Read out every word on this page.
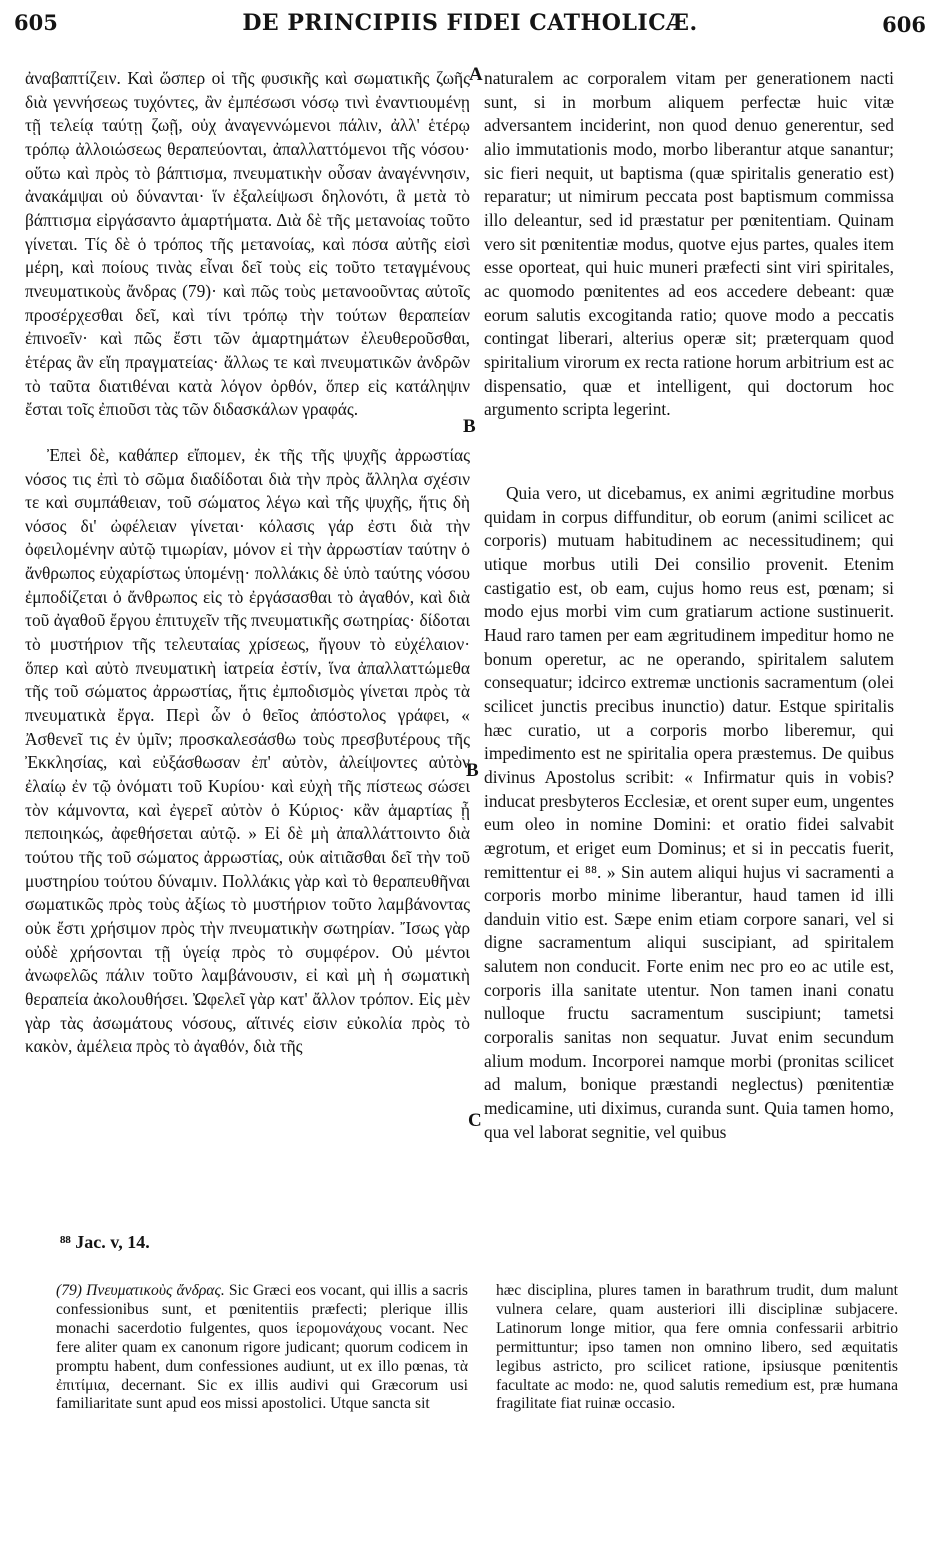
605	DE PRINCIPIIS FIDEI CATHOLICÆ.	606

ἀναβαπτίζειν. Καὶ ὥσπερ οἱ τῆς φυσικῆς καὶ σωματικῆς ζωῆς διὰ γεννήσεως τυχόντες, ἂν ἐμπέσωσι νόσῳ τινὶ ἐναντιουμένῃ τῇ τελείᾳ ταύτῃ ζωῇ, οὐχ ἀναγεννώμενοι πάλιν, ἀλλ' ἑτέρῳ τρόπῳ ἀλλοιώσεως θεραπεύονται, ἀπαλλαττόμενοι τῆς νόσου· οὕτω καὶ πρὸς τὸ βάπτισμα, πνευματικὴν οὖσαν ἀναγέννησιν, ἀνακάμψαι οὐ δύνανται· ἵν ἐξαλείψωσι δηλονότι, ἃ μετὰ τὸ βάπτισμα εἰργάσαντο ἁμαρτήματα. Διὰ δὲ τῆς μετανοίας τοῦτο γίνεται. Τίς δὲ ὁ τρόπος τῆς μετανοίας, καὶ πόσα αὐτῆς εἰσὶ μέρη, καὶ ποίους τινὰς εἶναι δεῖ τοὺς εἰς τοῦτο τεταγμένους πνευματικοὺς ἄνδρας (79)· καὶ πῶς τοὺς μετανοοῦντας αὐτοῖς προσέρχεσθαι δεῖ, καὶ τίνι τρόπῳ τὴν τούτων θεραπείαν ἐπινοεῖν· καὶ πῶς ἔστι τῶν ἁμαρτημάτων ἐλευθεροῦσθαι, ἑτέρας ἂν εἴη πραγματείας· ἄλλως τε καὶ πνευματικῶν ἀνδρῶν τὸ ταῦτα διατιθέναι κατὰ λόγον ὀρθόν, ὅπερ εἰς κατάληψιν ἔσται τοῖς ἐπιοῦσι τὰς τῶν διδασκάλων γραφάς.

Ἐπεὶ δὲ, καθάπερ εἴπομεν, ἐκ τῆς τῆς ψυχῆς ἀρρωστίας νόσος τις ἐπὶ τὸ σῶμα διαδίδοται διὰ τὴν πρὸς ἄλληλα σχέσιν τε καὶ συμπάθειαν, τοῦ σώματος λέγω καὶ τῆς ψυχῆς, ἥτις δὴ νόσος δι' ὠφέλειαν γίνεται· κόλασις γάρ ἐστι διὰ τὴν ὀφειλομένην αὐτῷ τιμωρίαν, μόνον εἰ τὴν ἀρρωστίαν ταύτην ὁ ἄνθρωπος εὐχαρίστως ὑπομένῃ· πολλάκις δὲ ὑπὸ ταύτης νόσου ἐμποδίζεται ὁ ἄνθρωπος εἰς τὸ ἐργάσασθαι τὸ ἀγαθόν, καὶ διὰ τοῦ ἀγαθοῦ ἔργου ἐπιτυχεῖν τῆς πνευματικῆς σωτηρίας· δίδοται τὸ μυστήριον τῆς τελευταίας χρίσεως, ἤγουν τὸ εὐχέλαιον· ὅπερ καὶ αὐτὸ πνευματικὴ ἰατρεία ἐστίν, ἵνα ἀπαλλαττώμεθα τῆς τοῦ σώματος ἀρρωστίας, ἥτις ἐμποδισμὸς γίνεται πρὸς τὰ πνευματικὰ ἔργα. Περὶ ὧν ὁ θεῖος ἀπόστολος γράφει, « Ἀσθενεῖ τις ἐν ὑμῖν; προσκαλεσάσθω τοὺς πρεσβυτέρους τῆς Ἐκκλησίας, καὶ εὐξάσθωσαν ἐπ' αὐτὸν, ἀλείψοντες αὐτὸν ἐλαίῳ ἐν τῷ ὀνόματι τοῦ Κυρίου· καὶ εὐχὴ τῆς πίστεως σώσει τὸν κάμνοντα, καὶ ἐγερεῖ αὐτὸν ὁ Κύριος· κἂν ἁμαρτίας ᾖ πεποιηκώς, ἀφεθήσεται αὐτῷ. » Εἰ δὲ μὴ ἀπαλλάττοιντο διὰ τούτου τῆς τοῦ σώματος ἀρρωστίας, οὐκ αἰτιᾶσθαι δεῖ τὴν τοῦ μυστηρίου τούτου δύναμιν. Πολλάκις γὰρ καὶ τὸ θεραπευθῆναι σωματικῶς πρὸς τοὺς ἀξίως τὸ μυστήριον τοῦτο λαμβάνοντας οὐκ ἔστι χρήσιμον πρὸς τὴν πνευματικὴν σωτηρίαν. Ἴσως γὰρ οὐδὲ χρήσονται τῇ ὑγείᾳ πρὸς τὸ συμφέρον. Οὐ μέντοι ἀνωφελῶς πάλιν τοῦτο λαμβάνουσιν, εἰ καὶ μὴ ἡ σωματικὴ θεραπεία ἀκολουθήσει. Ὠφελεῖ γὰρ κατ' ἄλλον τρόπον. Εἰς μὲν γὰρ τὰς ἀσωμάτους νόσους, αἵτινές εἰσιν εὐκολία πρὸς τὸ κακὸν, ἀμέλεια πρὸς τὸ ἀγαθόν, διὰ τῆς

A
B
B
C

naturalem ac corporalem vitam per generationem nacti sunt, si in morbum aliquem perfectæ huic vitæ adversantem inciderint, non quod denuo generentur, sed alio immutationis modo, morbo liberantur atque sanantur; sic fieri nequit, ut baptisma (quæ spiritalis generatio est) reparatur; ut nimirum peccata post baptismum commissa illo deleantur, sed id præstatur per pœnitentiam. Quinam vero sit pœnitentiæ modus, quotve ejus partes, quales item esse oporteat, qui huic muneri præfecti sint viri spiritales, ac quomodo pœnitentes ad eos accedere debeant: quæ eorum salutis excogitanda ratio; quove modo a peccatis contingat liberari, alterius operæ sit; præterquam quod spiritalium virorum ex recta ratione horum arbitrium est ac dispensatio, quæ et intelligent, qui doctorum hoc argumento scripta legerint.

Quia vero, ut dicebamus, ex animi ægritudine morbus quidam in corpus diffunditur, ob eorum (animi scilicet ac corporis) mutuam habitudinem ac necessitudinem; qui utique morbus utili Dei consilio provenit. Etenim castigatio est, ob eam, cujus homo reus est, pœnam; si modo ejus morbi vim cum gratiarum actione sustinuerit. Haud raro tamen per eam ægritudinem impeditur homo ne bonum operetur, ac ne operando, spiritalem salutem consequatur; idcirco extremæ unctionis sacramentum (olei scilicet junctis precibus inunctio) datur. Estque spiritalis hæc curatio, ut a corporis morbo liberemur, qui impedimento est ne spiritalia opera præstemus. De quibus divinus Apostolus scribit: « Infirmatur quis in vobis? inducat presbyteros Ecclesiæ, et orent super eum, ungentes eum oleo in nomine Domini: et oratio fidei salvabit ægrotum, et eriget eum Dominus; et si in peccatis fuerit, remittentur ei ⁸⁸. » Sin autem aliqui hujus vi sacramenti a corporis morbo minime liberantur, haud tamen id illi danduin vitio est. Sæpe enim etiam corpore sanari, vel si digne sacramentum aliqui suscipiant, ad spiritalem salutem non conducit. Forte enim nec pro eo ac utile est, corporis illa sanitate utentur. Non tamen inani conatu nulloque fructu sacramentum suscipiunt; tametsi corporalis sanitas non sequatur. Juvat enim secundum alium modum. Incorporei namque morbi (pronitas scilicet ad malum, bonique præstandi neglectus) pœnitentiæ medicamine, uti diximus, curanda sunt. Quia tamen homo, qua vel laborat segnitie, vel quibus

⁸⁸ Jac. v, 14.
(79) Πνευματικοὺς ἄνδρας. Sic Græci eos vocant, qui illis a sacris confessionibus sunt, et pœnitentiis præfecti; plerique illis monachi sacerdotio fulgentes, quos ἱερομονάχους vocant. Nec fere aliter quam ex canonum rigore judicant; quorum codicem in promptu habent, dum confessiones audiunt, ut ex illo pœnas, τὰ ἐπιτίμια, decernant. Sic ex illis audivi qui Græcorum usi familiaritate sunt apud eos missi apostolici. Utque sancta sit
hæc disciplina, plures tamen in barathrum trudit, dum malunt vulnera celare, quam austeriori illi disciplinæ subjacere. Latinorum longe mitior, qua fere omnia confessarii arbitrio permittuntur; ipso tamen non omnino libero, sed æquitatis legibus astricto, pro scilicet ratione, ipsiusque pœnitentis facultate ac modo: ne, quod salutis remedium est, præ humana fragilitate fiat ruinæ occasio.
